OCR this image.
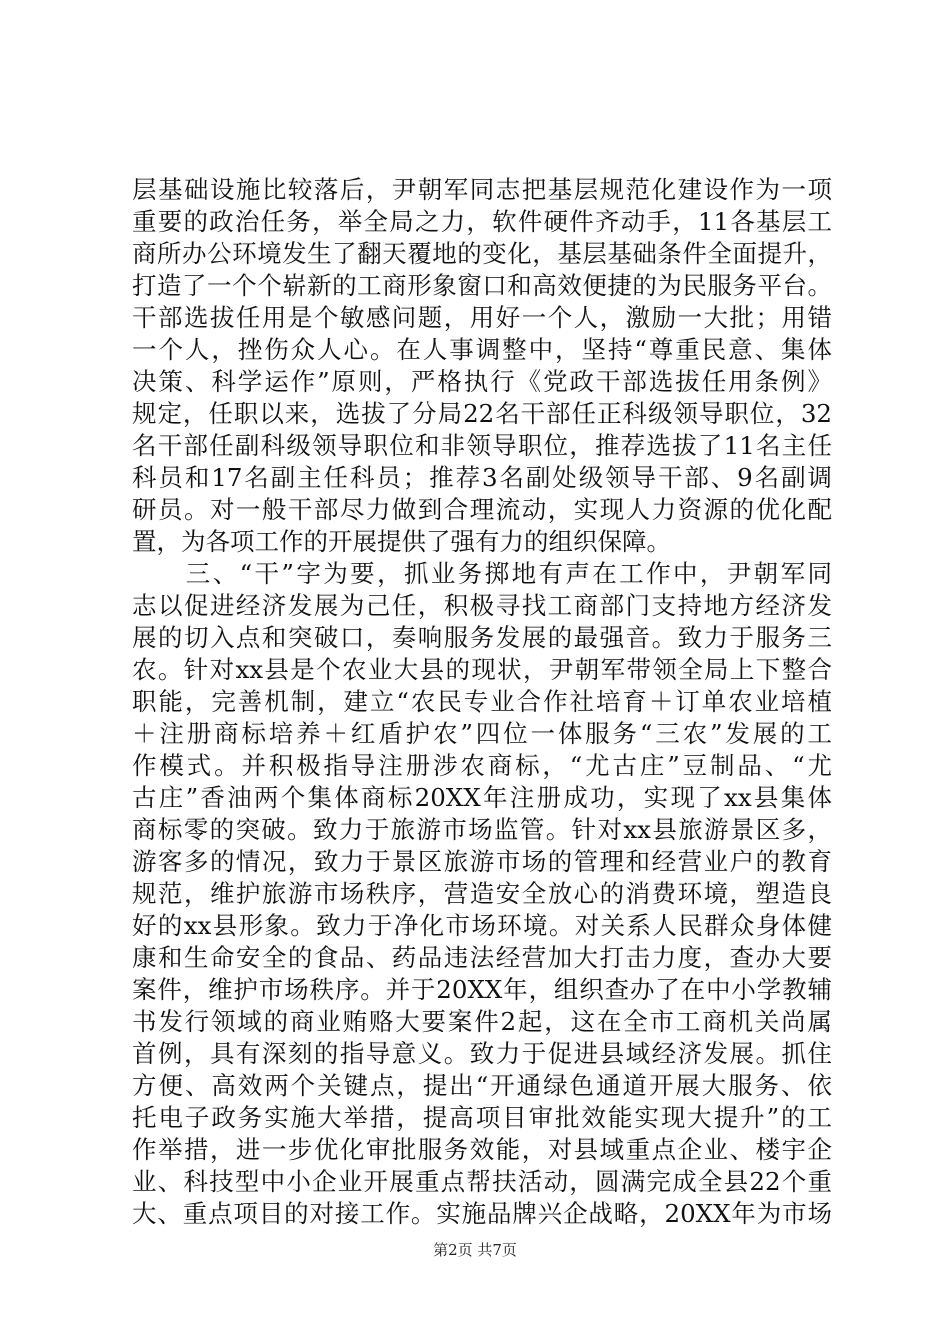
层基础设施比较落后，尹朝军同志把基层规范化建设作为一项
重要的政治任务，举全局之力，软件硬件齐动手，11各基层工
商所办公环境发生了翻天覆地的变化，基层基础条件全面提升，
打造了一个个崭新的工商形象窗口和高效便捷的为民服务平台。
干部选拔任用是个敏感问题，用好一个人，激励一大批；用错
一个人，挫伤众人心。在人事调整中，坚持“尊重民意、集体
决策、科学运作”原则，严格执行《党政干部选拔任用条例》
规定，任职以来，选拔了分局22名干部任正科级领导职位，32
名干部任副科级领导职位和非领导职位，推荐选拔了11名主任
科员和17名副主任科员；推荐3名副处级领导干部、9名副调
研员。对一般干部尽力做到合理流动，实现人力资源的优化配
置，为各项工作的开展提供了强有力的组织保障。
　　三、“干”字为要，抓业务掷地有声在工作中，尹朝军同
志以促进经济发展为己任，积极寻找工商部门支持地方经济发
展的切入点和突破口，奏响服务发展的最强音。致力于服务三
农。针对xx县是个农业大县的现状，尹朝军带领全局上下整合
职能，完善机制，建立“农民专业合作社培育＋订单农业培植
＋注册商标培养＋红盾护农”四位一体服务“三农”发展的工
作模式。并积极指导注册涉农商标，“尤古庄”豆制品、“尤
古庄”香油两个集体商标20XX年注册成功，实现了xx县集体
商标零的突破。致力于旅游市场监管。针对xx县旅游景区多，
游客多的情况，致力于景区旅游市场的管理和经营业户的教育
规范，维护旅游市场秩序，营造安全放心的消费环境，塑造良
好的xx县形象。致力于净化市场环境。对关系人民群众身体健
康和生命安全的食品、药品违法经营加大打击力度，查办大要
案件，维护市场秩序。并于20XX年，组织查办了在中小学教辅
书发行领域的商业贿赂大要案件2起，这在全市工商机关尚属
首例，具有深刻的指导意义。致力于促进县域经济发展。抓住
方便、高效两个关键点，提出“开通绿色通道开展大服务、依
托电子政务实施大举措，提高项目审批效能实现大提升”的工
作举措，进一步优化审批服务效能，对县域重点企业、楼宇企
业、科技型中小企业开展重点帮扶活动，圆满完成全县22个重
大、重点项目的对接工作。实施品牌兴企战略，20XX年为市场
第2页 共7页
